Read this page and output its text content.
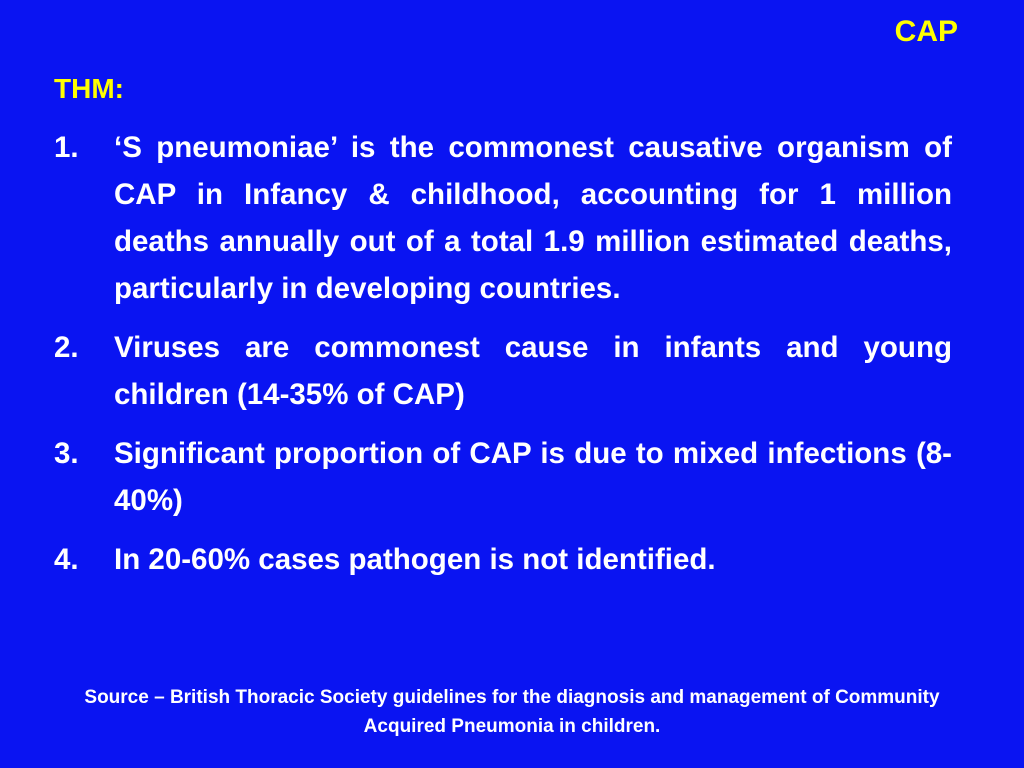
CAP
THM:
1. ‘S pneumoniae’ is the commonest causative organism of CAP in Infancy & childhood, accounting for 1 million deaths annually out of a total 1.9 million estimated deaths, particularly in developing countries.
2. Viruses are commonest cause in infants and young children (14-35% of CAP)
3. Significant proportion of CAP is due to mixed infections (8-40%)
4. In 20-60% cases pathogen is not identified.

Source – British Thoracic Society guidelines for the diagnosis and management of Community Acquired Pneumonia in children.
